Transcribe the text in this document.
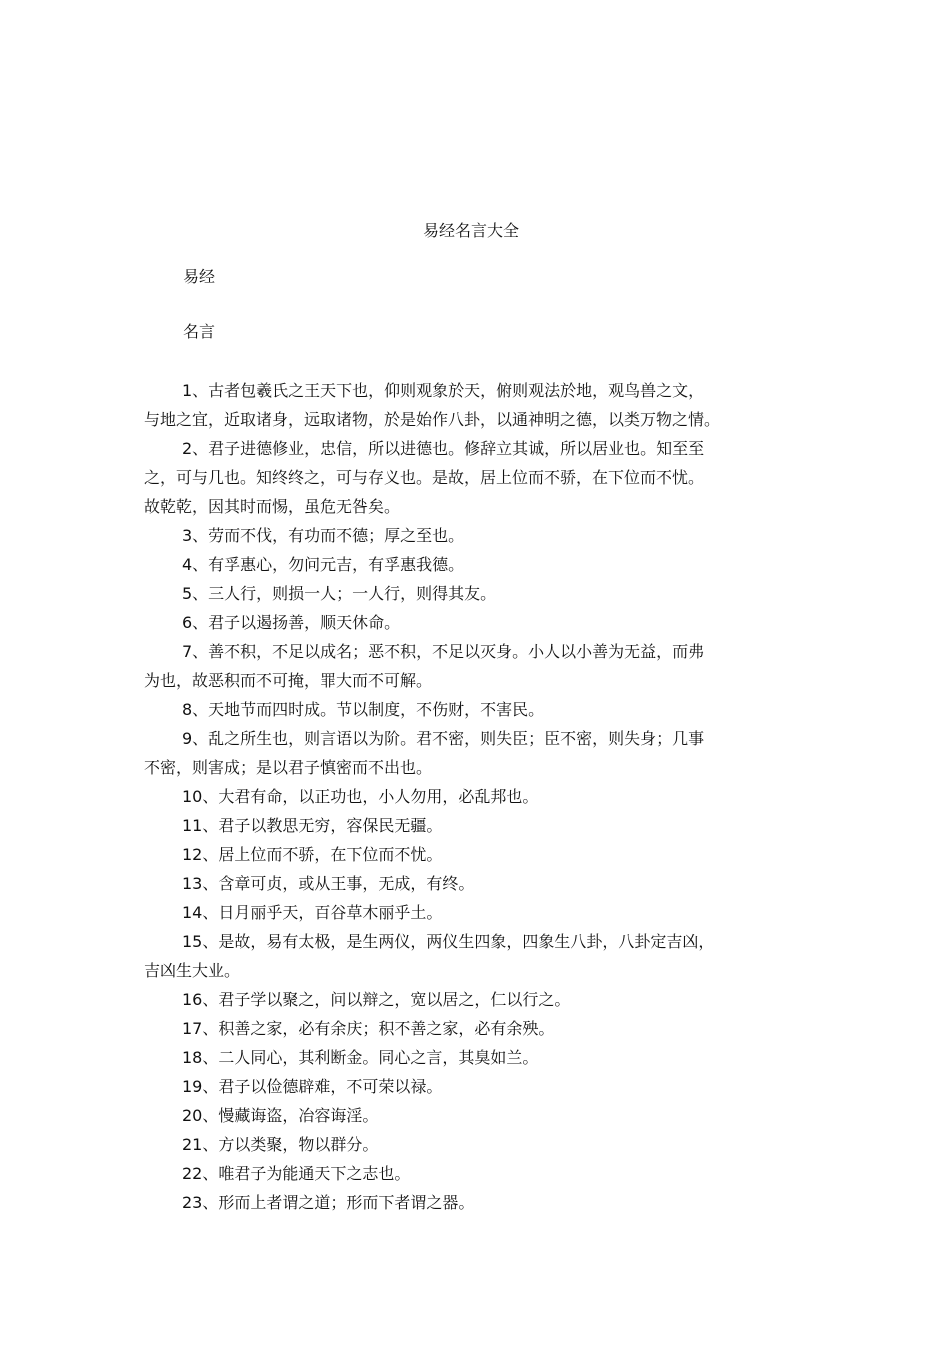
易经名言大全

易经

名言

1、古者包羲氏之王天下也，仰则观象於天，俯则观法於地，观鸟兽之文，
与地之宜，近取诸身，远取诸物，於是始作八卦，以通神明之德，以类万物之情。
2、君子进德修业，忠信，所以进德也。修辞立其诚，所以居业也。知至至
之，可与几也。知终终之，可与存义也。是故，居上位而不骄，在下位而不忧。
故乾乾，因其时而惕，虽危无咎矣。
3、劳而不伐，有功而不德；厚之至也。
4、有孚惠心，勿问元吉，有孚惠我德。
5、三人行，则损一人；一人行，则得其友。
6、君子以遏扬善，顺天休命。
7、善不积，不足以成名；恶不积，不足以灭身。小人以小善为无益，而弗
为也，故恶积而不可掩，罪大而不可解。
8、天地节而四时成。节以制度，不伤财，不害民。
9、乱之所生也，则言语以为阶。君不密，则失臣；臣不密，则失身；几事
不密，则害成；是以君子慎密而不出也。
10、大君有命，以正功也，小人勿用，必乱邦也。
11、君子以教思无穷，容保民无疆。
12、居上位而不骄，在下位而不忧。
13、含章可贞，或从王事，无成，有终。
14、日月丽乎天，百谷草木丽乎土。
15、是故，易有太极，是生两仪，两仪生四象，四象生八卦，八卦定吉凶，
吉凶生大业。
16、君子学以聚之，问以辩之，宽以居之，仁以行之。
17、积善之家，必有余庆；积不善之家，必有余殃。
18、二人同心，其利断金。同心之言，其臭如兰。
19、君子以俭德辟难，不可荣以禄。
20、慢藏诲盗，冶容诲淫。
21、方以类聚，物以群分。
22、唯君子为能通天下之志也。
23、形而上者谓之道；形而下者谓之器。
